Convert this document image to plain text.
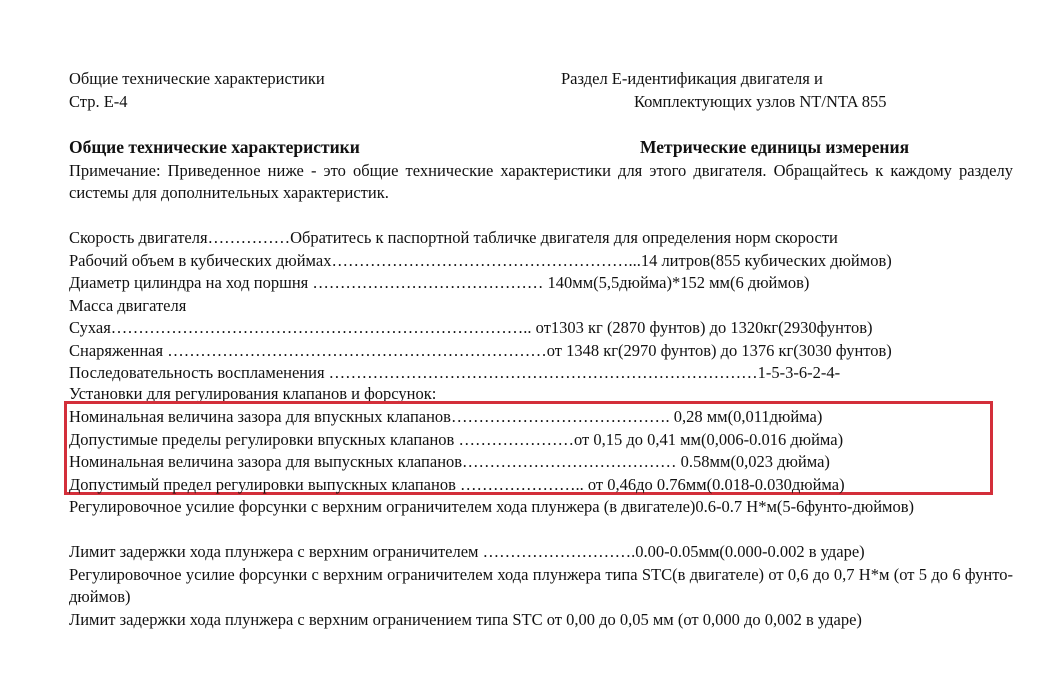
Общие технические характеристики
Стр. Е-4
Раздел Е-идентификация двигателя и
Комплектующих узлов NT/NTA 855
Общие технические характеристики	Метрические единицы измерения
Примечание: Приведенное ниже - это общие технические характеристики для этого двигателя. Обращайтесь к каждому разделу системы для дополнительных характеристик.
Скорость двигателя……………Обратитесь к паспортной табличке двигателя для определения норм скорости
Рабочий объем в кубических дюймах………………………………………………...14 литров(855 кубических дюймов)
Диаметр цилиндра на ход поршня …………………………………… 140мм(5,5дюйма)*152 мм(6 дюймов)
Масса двигателя
Сухая………………………………………………………………….. от1303 кг (2870 фунтов) до 1320кг(2930фунтов)
Снаряженная ……………………………………………………………от 1348 кг(2970 фунтов) до 1376 кг(3030 фунтов)
Последовательность воспламенения ……………………………………………………………………1-5-3-6-2-4-
Установки для регулирования клапанов и форсунок:
Номинальная величина зазора для впускных клапанов…………………………………. 0,28 мм(0,011дюйма)
Допустимые пределы регулировки впускных клапанов …………………от 0,15 до 0,41 мм(0,006-0.016 дюйма)
Номинальная величина зазора для выпускных клапанов………………………………… 0.58мм(0,023 дюйма)
Допустимый предел регулировки выпускных клапанов ………………….. от 0,46до 0.76мм(0.018-0.030дюйма)
Регулировочное усилие форсунки с верхним ограничителем хода плунжера (в двигателе)0.6-0.7 Н*м(5-6фунто-дюймов)
Лимит задержки хода плунжера с верхним ограничителем ……………………….0.00-0.05мм(0.000-0.002 в ударе)
Регулировочное усилие форсунки с верхним ограничителем хода плунжера типа STC(в двигателе) от 0,6 до 0,7 Н*м (от 5 до 6 фунто-дюймов)
Лимит задержки хода плунжера с верхним ограничением типа STC от 0,00 до 0,05 мм (от 0,000 до 0,002 в ударе)
